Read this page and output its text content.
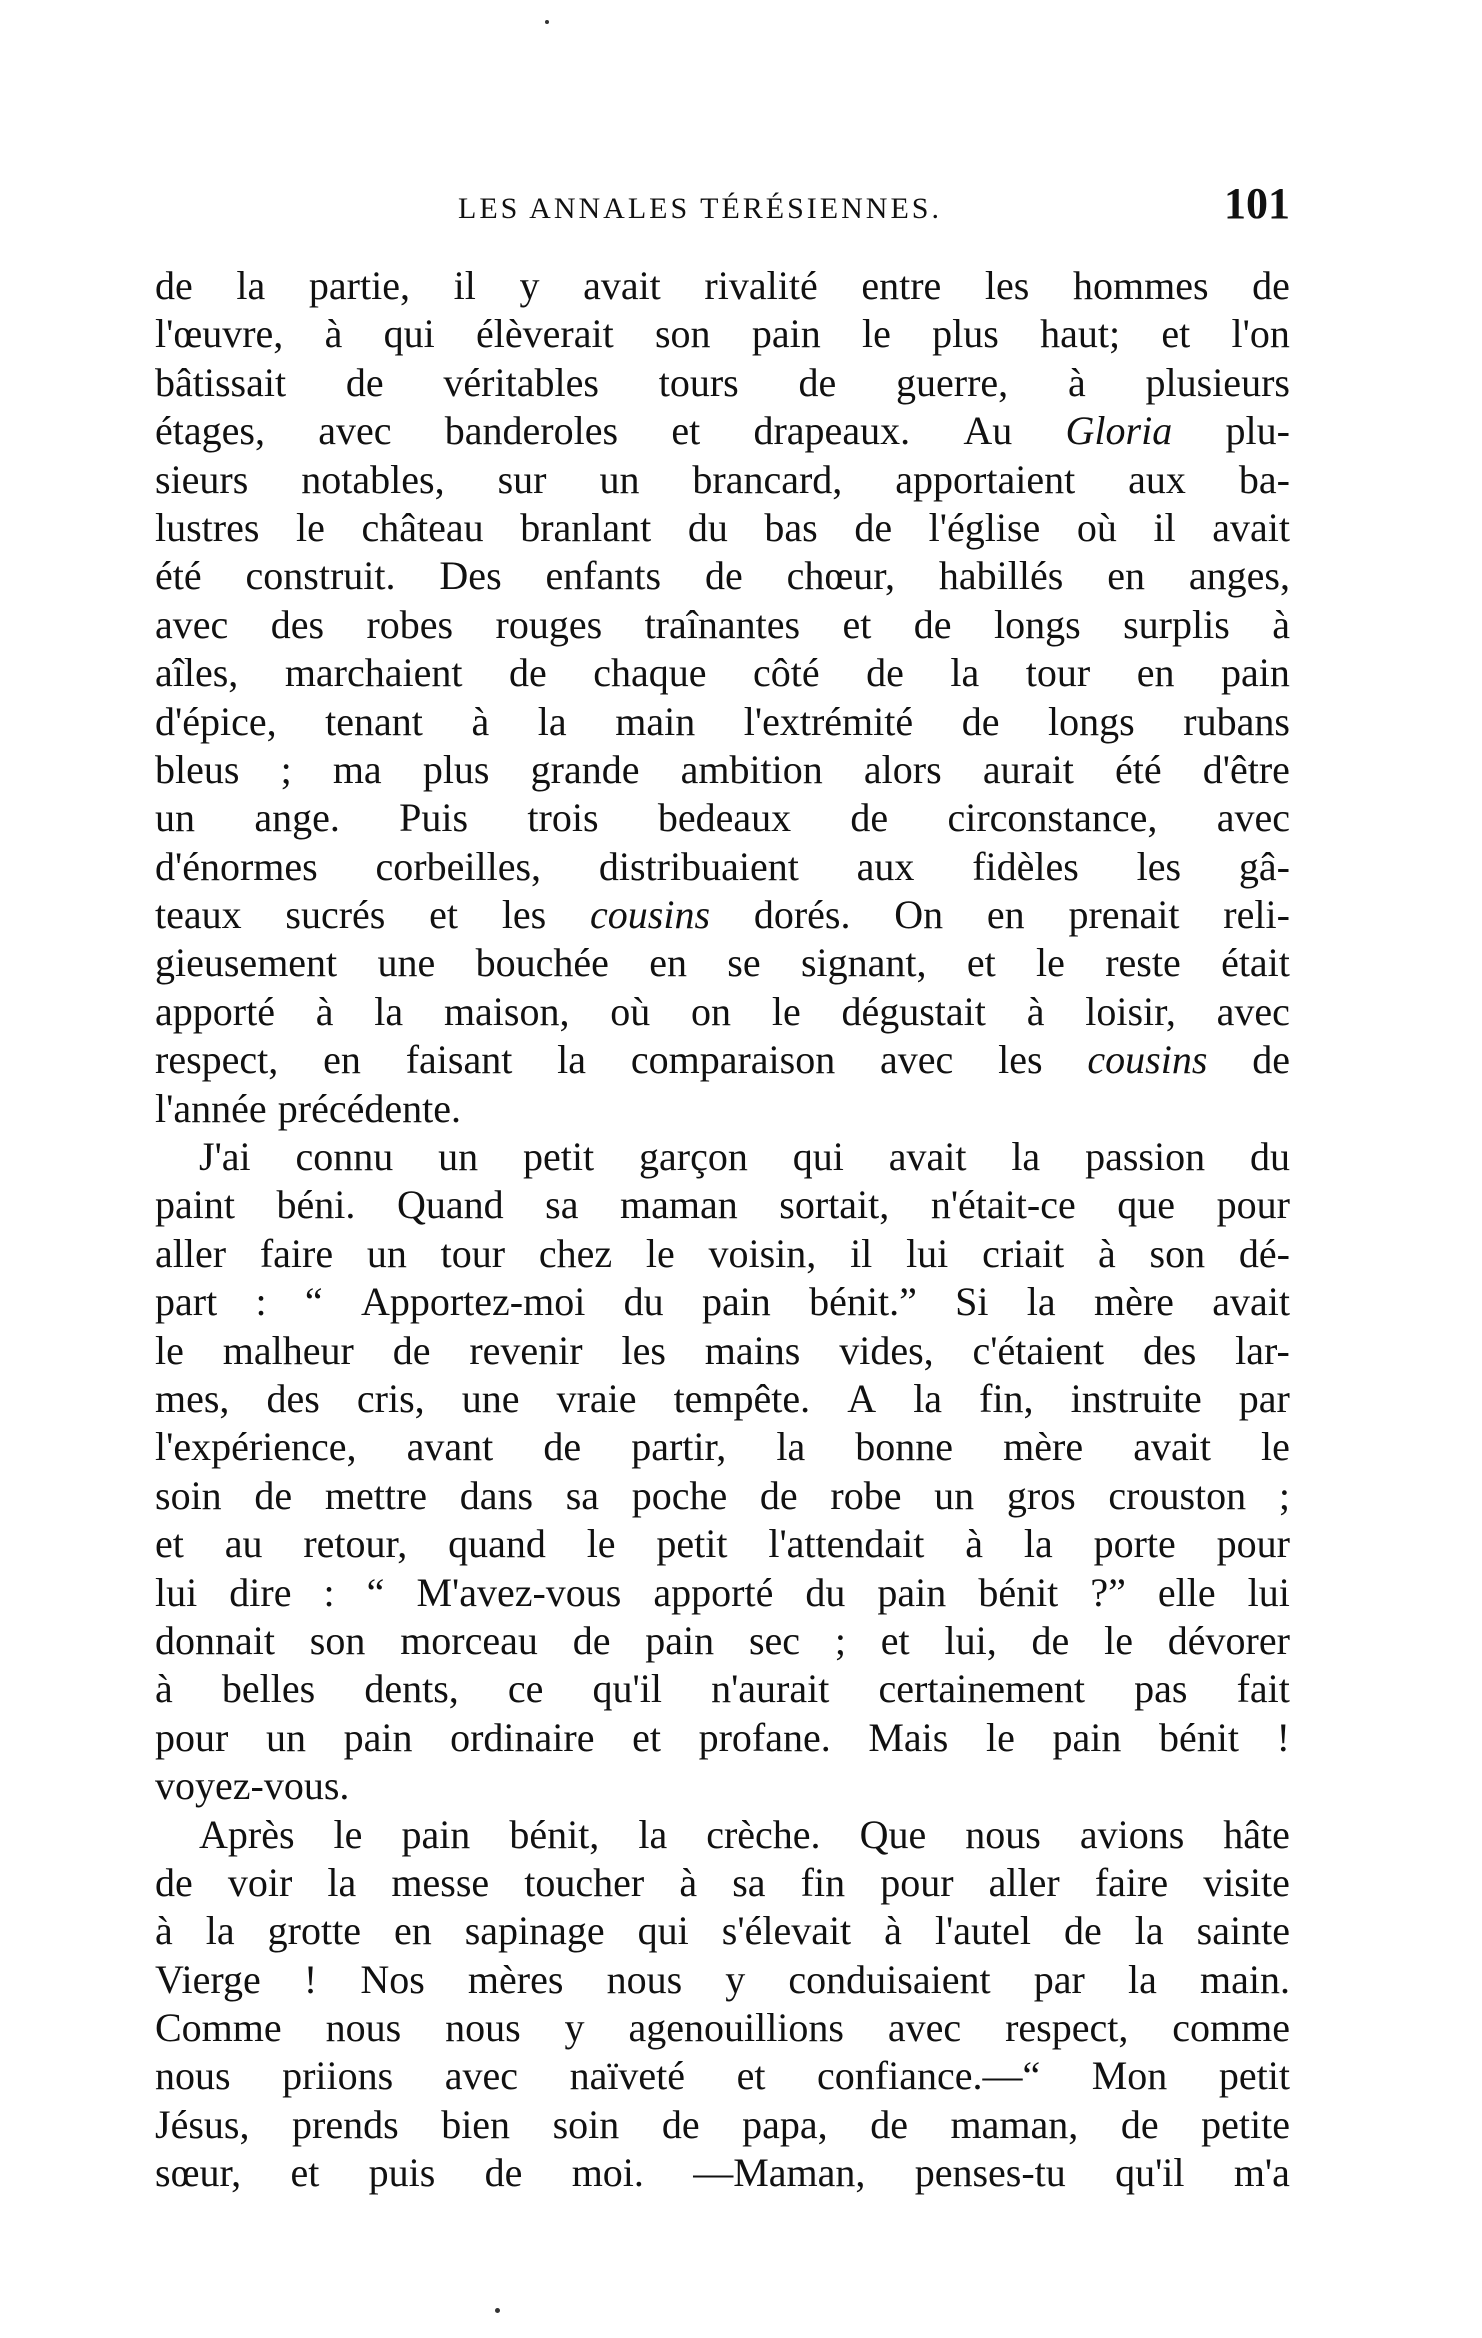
LES ANNALES TÉRÉSIENNES.	101
de la partie, il y avait rivalité entre les hommes de
l'œuvre, à qui élèverait son pain le plus haut; et l'on
bâtissait de véritables tours de guerre, à plusieurs
étages, avec banderoles et drapeaux. Au Gloria plu-
sieurs notables, sur un brancard, apportaient aux ba-
lustres le château branlant du bas de l'église où il avait
été construit. Des enfants de chœur, habillés en anges,
avec des robes rouges traînantes et de longs surplis à
aîles, marchaient de chaque côté de la tour en pain
d'épice, tenant à la main l'extrémité de longs rubans
bleus ; ma plus grande ambition alors aurait été d'être
un ange. Puis trois bedeaux de circonstance, avec
d'énormes corbeilles, distribuaient aux fidèles les gâ-
teaux sucrés et les cousins dorés. On en prenait reli-
gieusement une bouchée en se signant, et le reste était
apporté à la maison, où on le dégustait à loisir, avec
respect, en faisant la comparaison avec les cousins de
l'année précédente.
J'ai connu un petit garçon qui avait la passion du
paint béni. Quand sa maman sortait, n'était-ce que pour
aller faire un tour chez le voisin, il lui criait à son dé-
part : “ Apportez-moi du pain bénit.” Si la mère avait
le malheur de revenir les mains vides, c'étaient des lar-
mes, des cris, une vraie tempête. A la fin, instruite par
l'expérience, avant de partir, la bonne mère avait le
soin de mettre dans sa poche de robe un gros crouston ;
et au retour, quand le petit l'attendait à la porte pour
lui dire : “ M'avez-vous apporté du pain bénit ?” elle lui
donnait son morceau de pain sec ; et lui, de le dévorer
à belles dents, ce qu'il n'aurait certainement pas fait
pour un pain ordinaire et profane. Mais le pain bénit !
voyez-vous.
Après le pain bénit, la crèche. Que nous avions hâte
de voir la messe toucher à sa fin pour aller faire visite
à la grotte en sapinage qui s'élevait à l'autel de la sainte
Vierge ! Nos mères nous y conduisaient par la main.
Comme nous nous y agenouillions avec respect, comme
nous priions avec naïveté et confiance.—“ Mon petit
Jésus, prends bien soin de papa, de maman, de petite
sœur, et puis de moi. —Maman, penses-tu qu'il m'a
